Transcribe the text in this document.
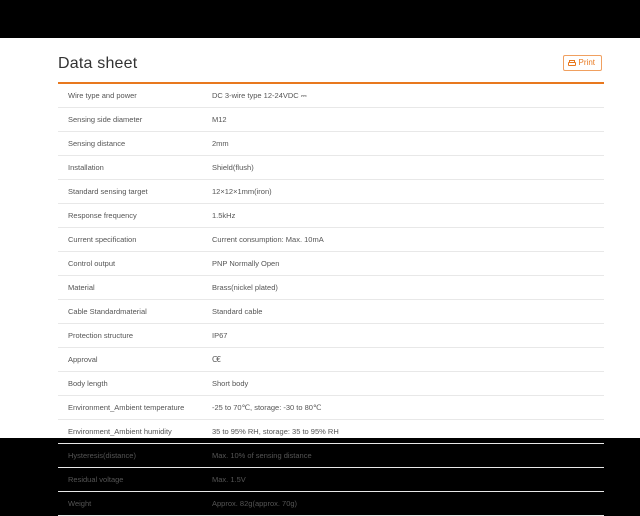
Data sheet	Print
Wire type and power	DC 3-wire type 12-24VDC ⎓
Sensing side diameter	M12
Sensing distance	2mm
Installation	Shield(flush)
Standard sensing target	12×12×1mm(iron)
Response frequency	1.5kHz
Current specification	Current consumption: Max. 10mA
Control output	PNP Normally Open
Material	Brass(nickel plated)
Cable Standardmaterial	Standard cable
Protection structure	IP67
Approval	C€
Body length	Short body
Environment_Ambient temperature	-25 to 70℃, storage: -30 to 80℃
Environment_Ambient humidity	35 to 95% RH, storage: 35 to 95% RH
Hysteresis(distance)	Max. 10% of sensing distance
Residual voltage	Max. 1.5V
Weight	Approx. 82g(approx. 70g)
